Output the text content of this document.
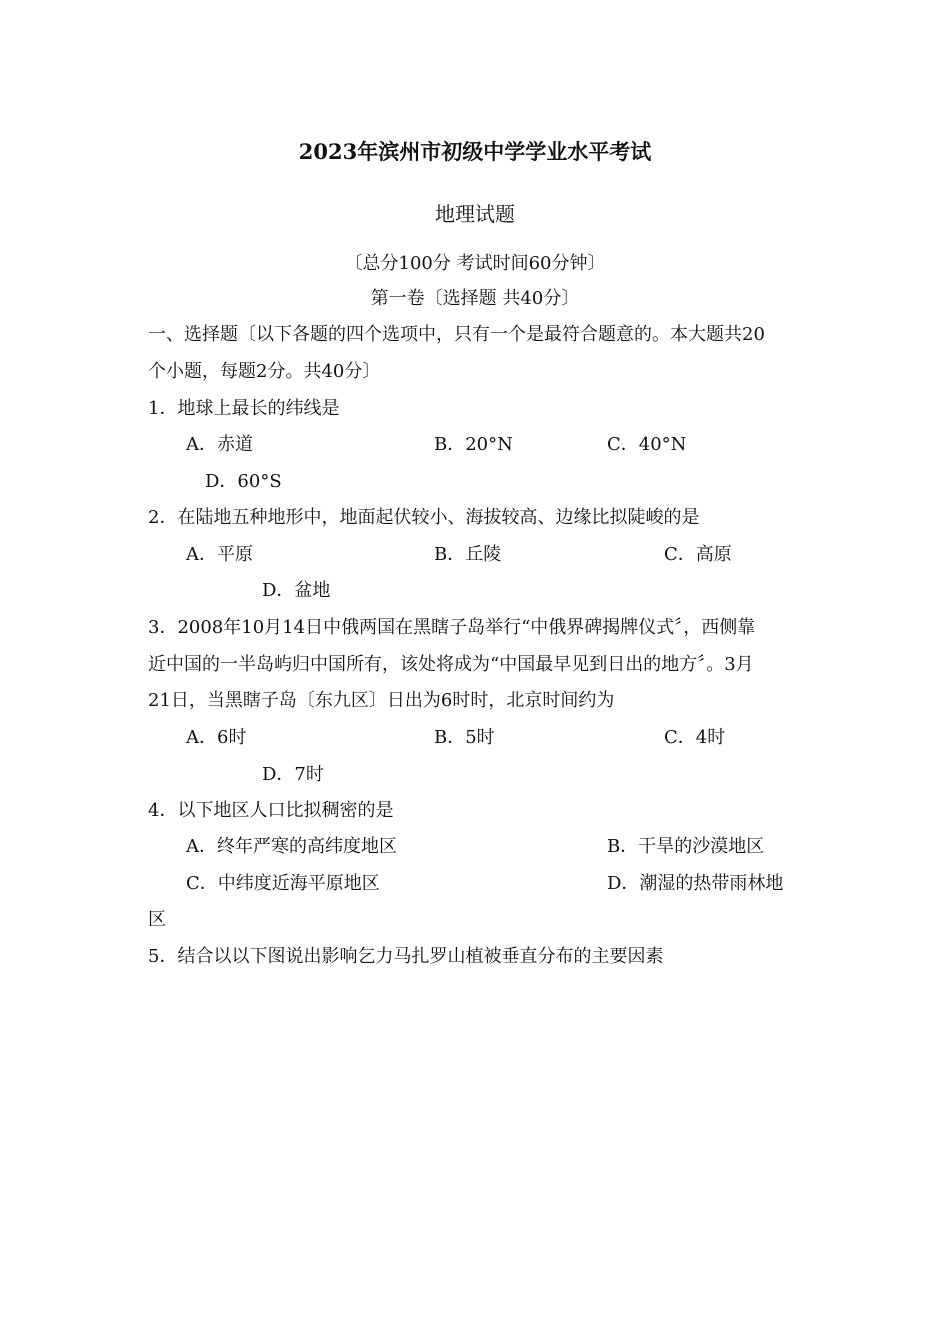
2023年滨州市初级中学学业水平考试
地理试题
〔总分100分 考试时间60分钟〕
第一卷〔选择题 共40分〕
一、选择题〔以下各题的四个选项中，只有一个是最符合题意的。本大题共20
个小题，每题2分。共40分〕
1．地球上最长的纬线是
A．赤道	B．20°N	C．40°N
D．60°S
2．在陆地五种地形中，地面起伏较小、海拔较高、边缘比拟陡峻的是
A．平原	B．丘陵	C．高原
D．盆地
3．2008年10月14日中俄两国在黑瞎子岛举行“中俄界碑揭牌仪式〞，西侧靠
近中国的一半岛屿归中国所有，该处将成为“中国最早见到日出的地方〞。3月
21日，当黑瞎子岛〔东九区〕日出为6时时，北京时间约为
A．6时	B．5时	C．4时
D．7时
4．以下地区人口比拟稠密的是
A．终年严寒的高纬度地区	B．干旱的沙漠地区
C．中纬度近海平原地区	D．潮湿的热带雨林地
区
5．结合以以下图说出影响乞力马扎罗山植被垂直分布的主要因素
